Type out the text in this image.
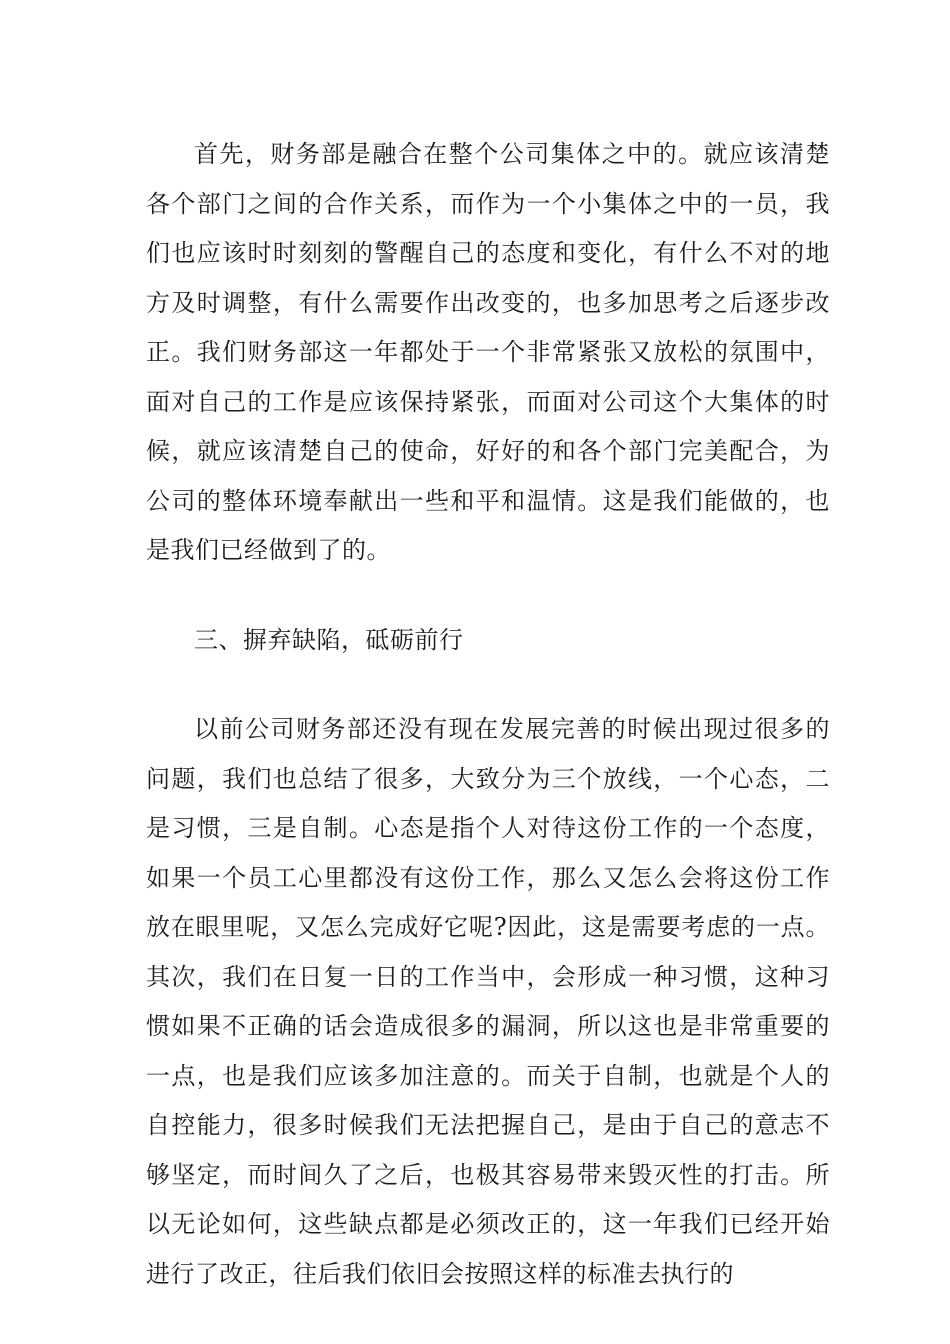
首先，财务部是融合在整个公司集体之中的。就应该清楚各个部门之间的合作关系，而作为一个小集体之中的一员，我们也应该时时刻刻的警醒自己的态度和变化，有什么不对的地方及时调整，有什么需要作出改变的，也多加思考之后逐步改正。我们财务部这一年都处于一个非常紧张又放松的氛围中，面对自己的工作是应该保持紧张，而面对公司这个大集体的时候，就应该清楚自己的使命，好好的和各个部门完美配合，为公司的整体环境奉献出一些和平和温情。这是我们能做的，也是我们已经做到了的。

三、摒弃缺陷，砥砺前行

以前公司财务部还没有现在发展完善的时候出现过很多的问题，我们也总结了很多，大致分为三个放线，一个心态，二是习惯，三是自制。心态是指个人对待这份工作的一个态度，如果一个员工心里都没有这份工作，那么又怎么会将这份工作放在眼里呢，又怎么完成好它呢?因此，这是需要考虑的一点。其次，我们在日复一日的工作当中，会形成一种习惯，这种习惯如果不正确的话会造成很多的漏洞，所以这也是非常重要的一点，也是我们应该多加注意的。而关于自制，也就是个人的自控能力，很多时候我们无法把握自己，是由于自己的意志不够坚定，而时间久了之后，也极其容易带来毁灭性的打击。所以无论如何，这些缺点都是必须改正的，这一年我们已经开始进行了改正，往后我们依旧会按照这样的标准去执行的
